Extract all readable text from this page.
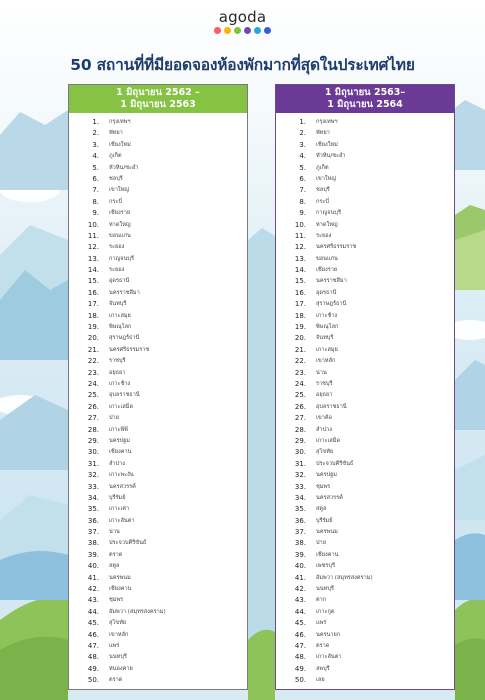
agoda
50 สถานที่ที่มียอดจองห้องพักมากที่สุดในประเทศไทย
1 มิถุนายน 2562 –
1 มิถุนายน 2563
1.	กรุงเทพฯ
2.	พัทยา
3.	เชียงใหม่
4.	ภูเก็ต
5.	หัวหิน/ชะอำ
6.	ชลบุรี
7.	เขาใหญ่
8.	กระบี่
9.	เชียงราย
10.	หาดใหญ่
11.	ขอนแก่น
12.	ระยอง
13.	กาญจนบุรี
14.	ระยอง
15.	อุดรธานี
16.	นครราชสีมา
17.	จันทบุรี
18.	เกาะสมุย
19.	พิษณุโลก
20.	สุราษฎร์ธานี
21.	นครศรีธรรมราช
22.	ราชบุรี
23.	อยุธยา
24.	เกาะช้าง
25.	อุบลราชธานี
26.	เกาะเสม็ด
27.	ปาย
28.	เกาะพีพี
29.	นครปฐม
30.	เชียงคาน
31.	ลำปาง
32.	เกาะพะงัน
33.	นครสวรรค์
34.	บุรีรัมย์
35.	เกาะเต่า
36.	เกาะลันตา
37.	น่าน
38.	ประจวบคีรีขันธ์
39.	ตราด
40.	สตูล
41.	นครพนม
42.	เชียงคาน
43.	ชุมพร
44.	อัมพวา (สมุทรสงคราม)
45.	สุโขทัย
46.	เขาหลัก
47.	แพร่
48.	นนทบุรี
49.	หนองคาย
50.	ตราด
1 มิถุนายน 2563–
1 มิถุนายน 2564
1.	กรุงเทพฯ
2.	พัทยา
3.	เชียงใหม่
4.	หัวหิน/ชะอำ
5.	ภูเก็ต
6.	เขาใหญ่
7.	ชลบุรี
8.	กระบี่
9.	กาญจนบุรี
10.	หาดใหญ่
11.	ระยอง
12.	นครศรีธรรมราช
13.	ขอนแก่น
14.	เชียงราย
15.	นครราชสีมา
16.	อุดรธานี
17.	สุราษฎร์ธานี
18.	เกาะช้าง
19.	พิษณุโลก
20.	จันทบุรี
21.	เกาะสมุย
22.	เขาหลัก
23.	น่าน
24.	ราชบุรี
25.	อยุธยา
26.	อุบลราชธานี
27.	เขาค้อ
28.	ลำปาง
29.	เกาะเสม็ด
30.	สุโขทัย
31.	ประจวบคีรีขันธ์
32.	นครปฐม
33.	ชุมพร
34.	นครสวรรค์
35.	สตูล
36.	บุรีรัมย์
37.	นครพนม
38.	ปาย
39.	เชียงคาน
40.	เพชรบุรี
41.	อัมพวา (สมุทรสงคราม)
42.	นนทบุรี
43.	ตาก
44.	เกาะกูด
45.	แพร่
46.	นครนายก
47.	ตราด
48.	เกาะลันตา
49.	ลพบุรี
50.	เลย
